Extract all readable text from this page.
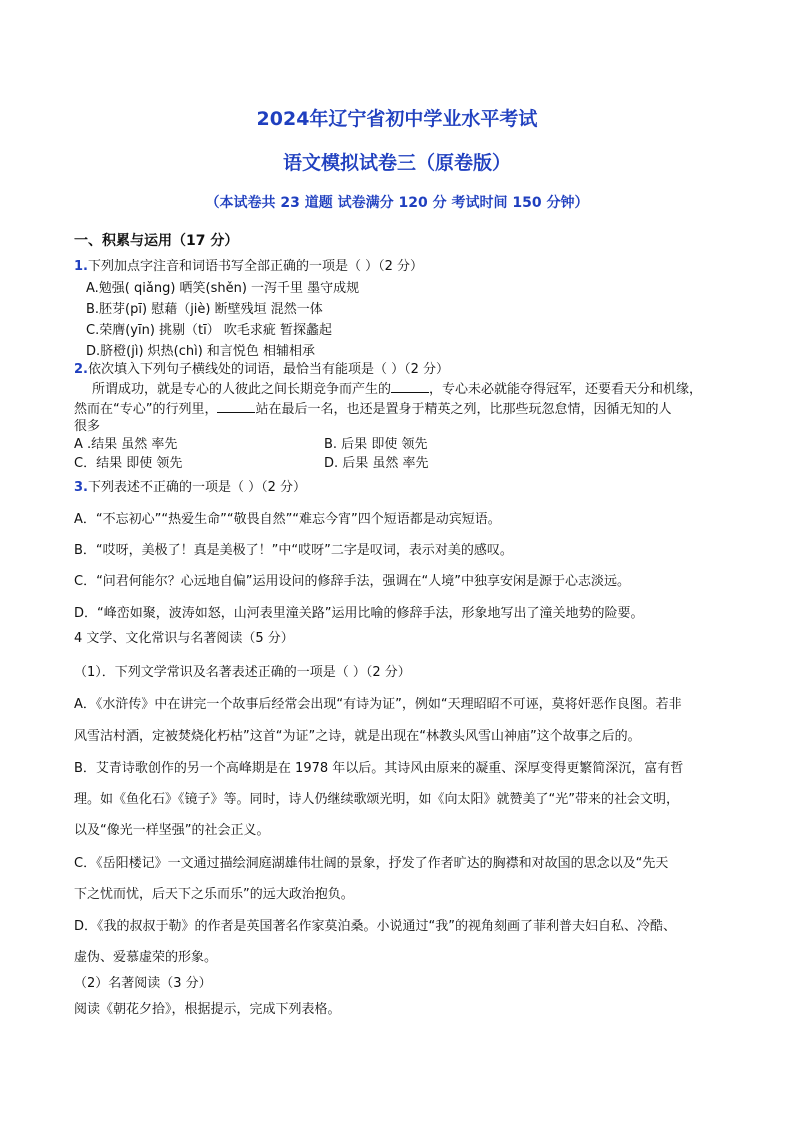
2024年辽宁省初中学业水平考试
语文模拟试卷三（原卷版）
（本试卷共 23 道题 试卷满分 120 分 考试时间 150 分钟）
一、积累与运用（17 分）
1.下列加点字注音和词语书写全部正确的一项是（ ）（2 分）
A.勉强( qiǎng) 哂笑(shěn) 一泻千里 墨守成规
B.胚芽(pī) 慰藉（jiè) 断壁残垣 混然一体
C.荣膺(yīn) 挑剔（tī） 吹毛求疵 暂探蠡起
D.脐橙(jì) 炽热(chì) 和言悦色 相辅相承
2.依次填入下列句子横线处的词语，最恰当有能项是（ ）（2 分）
所谓成功，就是专心的人彼此之间长期竞争而产生的	，专心未必就能夺得冠军，还要看天分和机缘，
然而在“专心”的行列里，	站在最后一名，也还是置身于精英之列，比那些玩忽怠情，因循无知的人
很多
A .结果 虽然 率先	B. 后果 即使 领先
C．结果 即使 领先	D. 后果 虽然 率先
3.下列表述不正确的一项是（ ）（2 分）
A．“不忘初心”“热爱生命”“敬畏自然”“难忘今宵”四个短语都是动宾短语。
B．“哎呀，美极了！真是美极了！”中“哎呀”二字是叹词，表示对美的感叹。
C．“问君何能尔？心远地自偏”运用设问的修辞手法，强调在“人境”中独享安闲是源于心志淡远。
D．“峰峦如聚，波涛如怒，山河表里潼关路”运用比喻的修辞手法，形象地写出了潼关地势的险要。
4 文学、文化常识与名著阅读（5 分）
（1）．下列文学常识及名著表述正确的一项是（ ）（2 分）
A．《水浒传》中在讲完一个故事后经常会出现“有诗为证”，例如“天理昭昭不可诬，莫将奸恶作良图。若非
风雪沽村酒，定被焚烧化朽枯”这首“为证”之诗，就是出现在“林教头风雪山神庙”这个故事之后的。
B．艾青诗歌创作的另一个高峰期是在 1978 年以后。其诗风由原来的凝重、深厚变得更繁简深沉，富有哲
理。如《鱼化石》《镜子》等。同时，诗人仍继续歌颂光明，如《向太阳》就赞美了“光”带来的社会文明，
以及“像光一样坚强”的社会正义。
C．《岳阳楼记》一文通过描绘洞庭湖雄伟壮阔的景象，抒发了作者旷达的胸襟和对故国的思念以及“先天
下之忧而忧，后天下之乐而乐”的远大政治抱负。
D．《我的叔叔于勒》的作者是英国著名作家莫泊桑。小说通过“我”的视角刻画了菲利普夫妇自私、冷酷、
虚伪、爱慕虚荣的形象。
（2）名著阅读（3 分）
阅读《朝花夕拾》，根据提示，完成下列表格。
